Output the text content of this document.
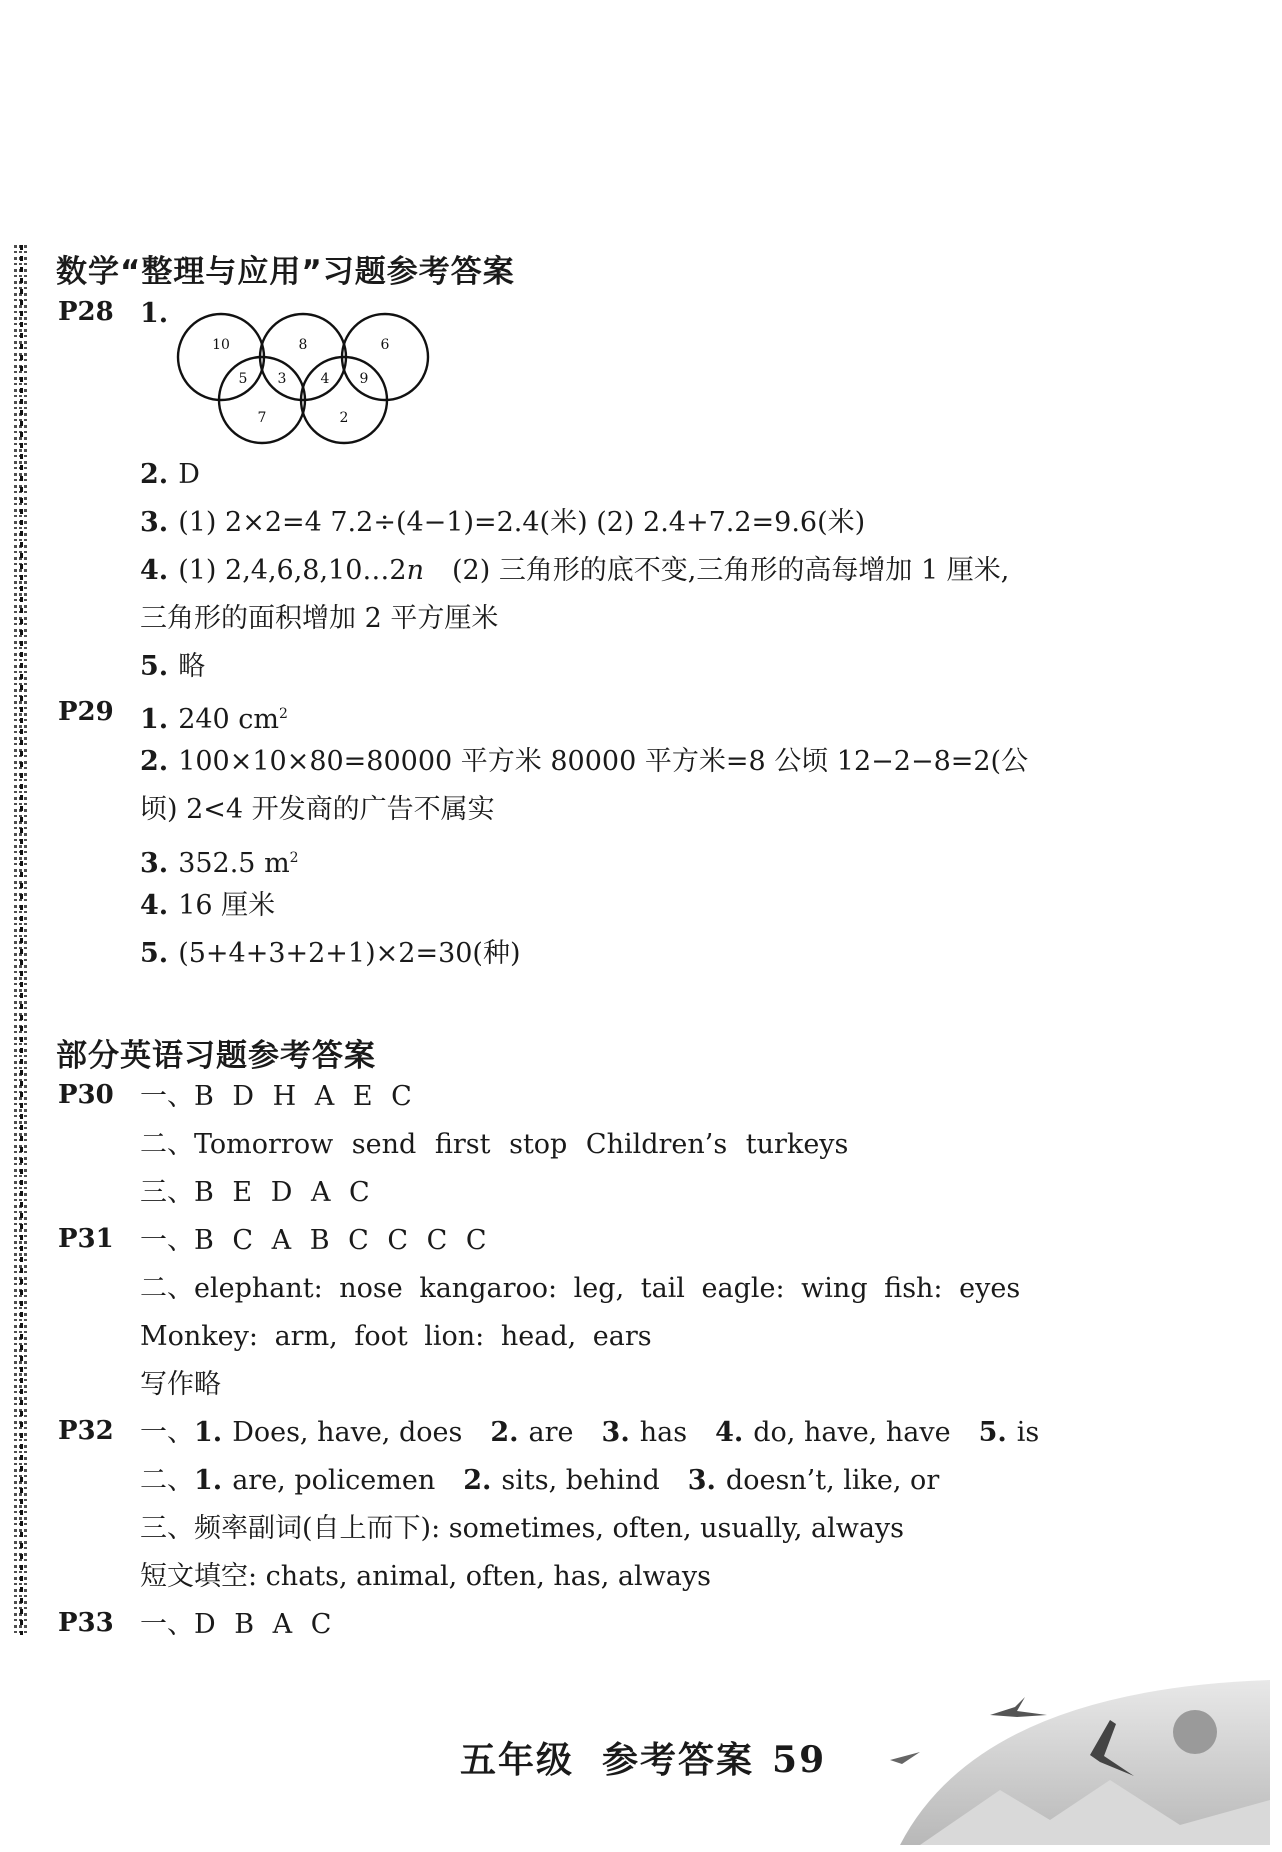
数学“整理与应用”习题参考答案
P28 1.
10	8	6
5 3 4 9
7	2
2. D
3. (1) 2×2=4 7.2÷(4−1)=2.4(米) (2) 2.4+7.2=9.6(米)
4. (1) 2,4,6,8,10…2n (2) 三角形的底不变,三角形的高每增加 1 厘米,
三角形的面积增加 2 平方厘米
5. 略
P29 1. 240 $cm^2$
2. 100×10×80=80000 平方米 80000 平方米=8 公顷 12−2−8=2(公
顷) 2<4 开发商的广告不属实
3. 352.5 $m^2$
4. 16 厘米
5. (5+4+3+2+1)×2=30(种)
部分英语习题参考答案
P30 一、B D H A E C
二、Tomorrow send first stop Children’s turkeys
三、B E D A C
P31 一、B C A B C C C C
二、elephant: nose kangaroo: leg, tail eagle: wing fish: eyes
Monkey: arm, foot lion: head, ears
写作略
P32 一、1. Does, have, does 2. are 3. has 4. do, have, have 5. is
二、1. are, policemen 2. sits, behind 3. doesn’t, like, or
三、频率副词(自上而下): sometimes, often, usually, always
短文填空: chats, animal, often, has, always
P33 一、D B A C
五年级 参考答案 59
